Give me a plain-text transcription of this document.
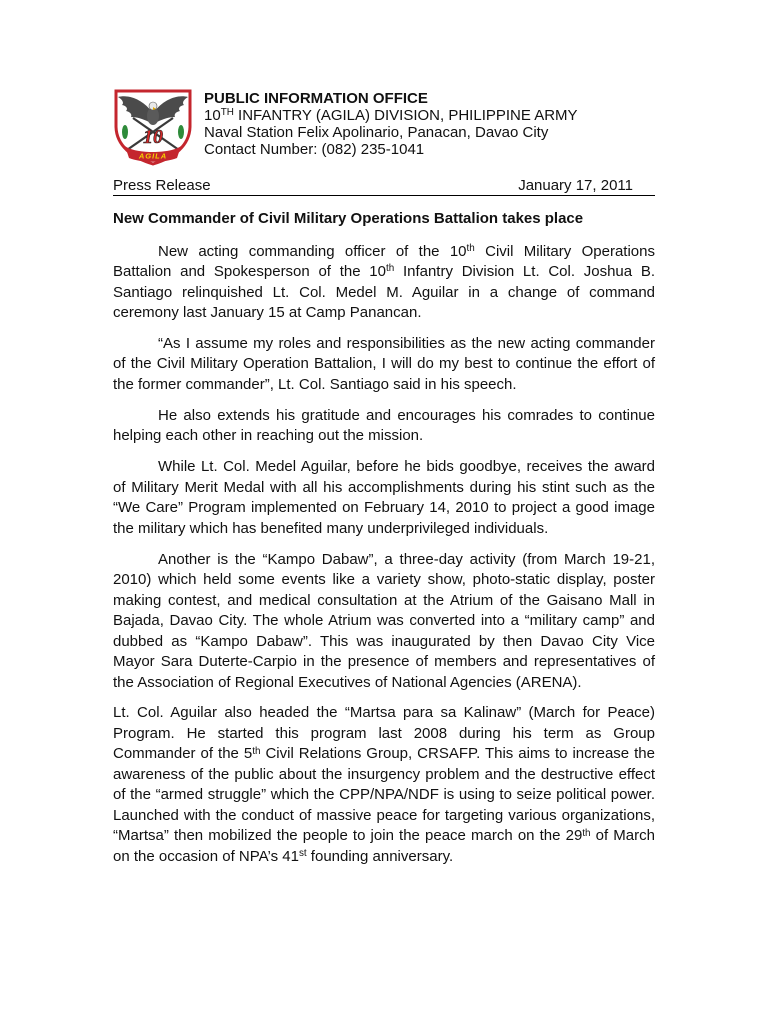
10
AGILA
PUBLIC INFORMATION OFFICE
10TH INFANTRY (AGILA) DIVISION, PHILIPPINE ARMY
Naval Station Felix Apolinario, Panacan, Davao City
Contact Number: (082) 235-1041
Press Release	January 17, 2011
New Commander of Civil Military Operations Battalion takes place

New acting commanding officer of the 10th Civil Military Operations Battalion and Spokesperson of the 10th Infantry Division Lt. Col. Joshua B. Santiago relinquished Lt. Col. Medel M. Aguilar in a change of command ceremony last January 15 at Camp Panancan.

“As I assume my roles and responsibilities as the new acting commander of the Civil Military Operation Battalion, I will do my best to continue the effort of the former commander”, Lt. Col. Santiago said in his speech.

He also extends his gratitude and encourages his comrades to continue helping each other in reaching out the mission.

While Lt. Col. Medel Aguilar, before he bids goodbye, receives the award of Military Merit Medal with all his accomplishments during his stint such as the “We Care” Program implemented on February 14, 2010 to project a good image the military which has benefited many underprivileged individuals.

Another is the “Kampo Dabaw”, a three-day activity (from March 19-21, 2010) which held some events like a variety show, photo-static display, poster making contest, and medical consultation at the Atrium of the Gaisano Mall in Bajada, Davao City. The whole Atrium was converted into a “military camp” and dubbed as “Kampo Dabaw”. This was inaugurated by then Davao City Vice Mayor Sara Duterte-Carpio in the presence of members and representatives of the Association of Regional Executives of National Agencies (ARENA).

Lt. Col. Aguilar also headed the “Martsa para sa Kalinaw” (March for Peace) Program. He started this program last 2008 during his term as Group Commander of the 5th Civil Relations Group, CRSAFP. This aims to increase the awareness of the public about the insurgency problem and the destructive effect of the “armed struggle” which the CPP/NPA/NDF is using to seize political power. Launched with the conduct of massive peace for targeting various organizations, “Martsa” then mobilized the people to join the peace march on the 29th of March on the occasion of NPA’s 41st founding anniversary.
